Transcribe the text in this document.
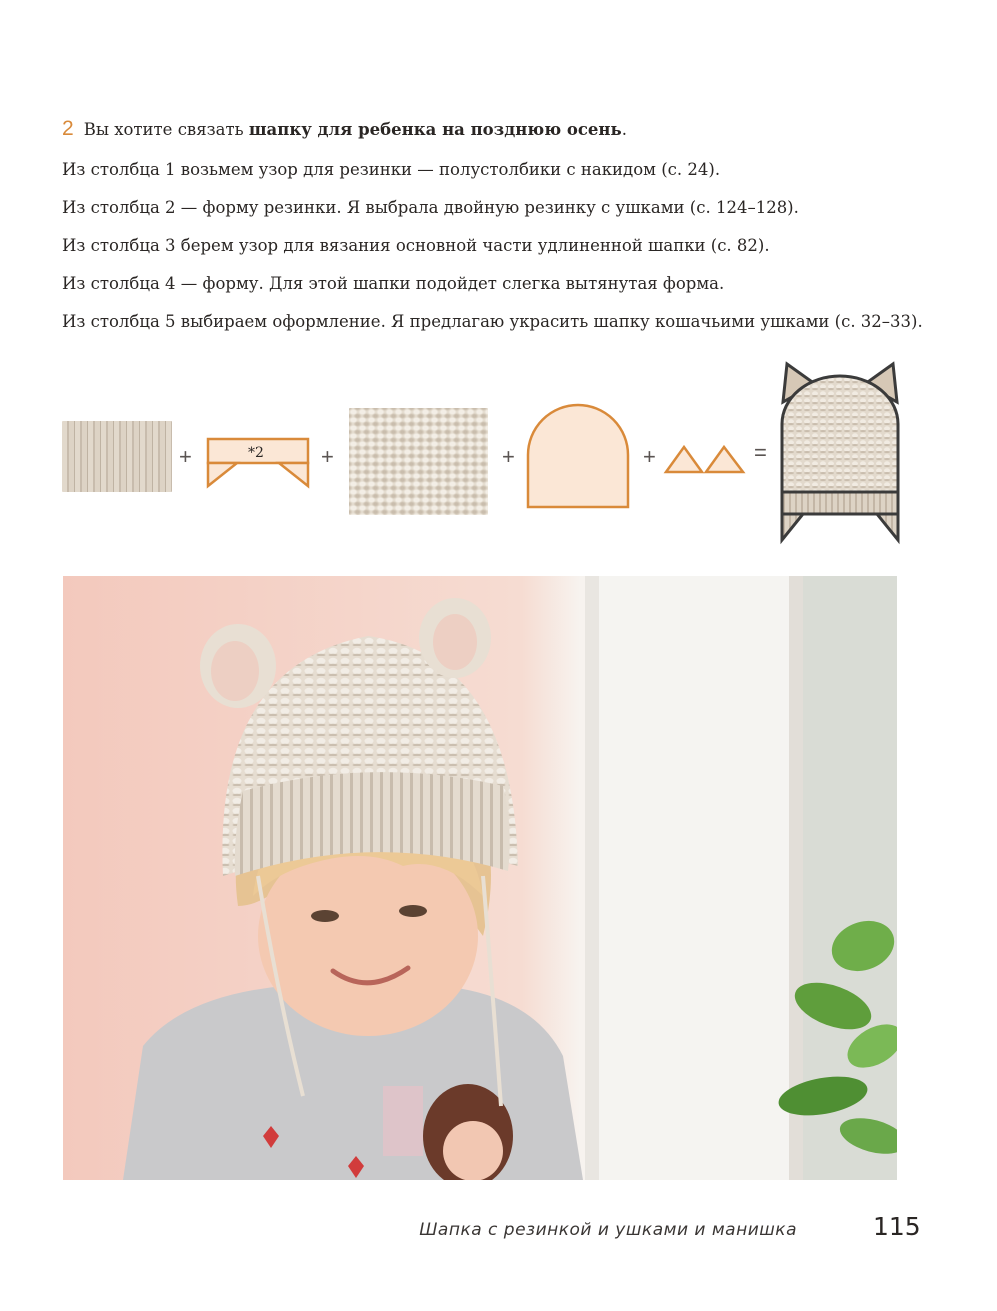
2 Вы хотите связать шапку для ребенка на позднюю осень.
Из столбца 1 возьмем узор для резинки — полустолбики с накидом (с. 24).
Из столбца 2 — форму резинки. Я выбрала двойную резинку с ушками (с. 124–128).
Из столбца 3 берем узор для вязания основной части удлиненной шапки (с. 82).
Из столбца 4 — форму. Для этой шапки подойдет слегка вытянутая форма.
Из столбца 5 выбираем оформление. Я предлагаю украсить шапку кошачьими ушками (с. 32–33).
+	*2	+	+	+	=
Шапка с резинкой и ушками и манишка	115
